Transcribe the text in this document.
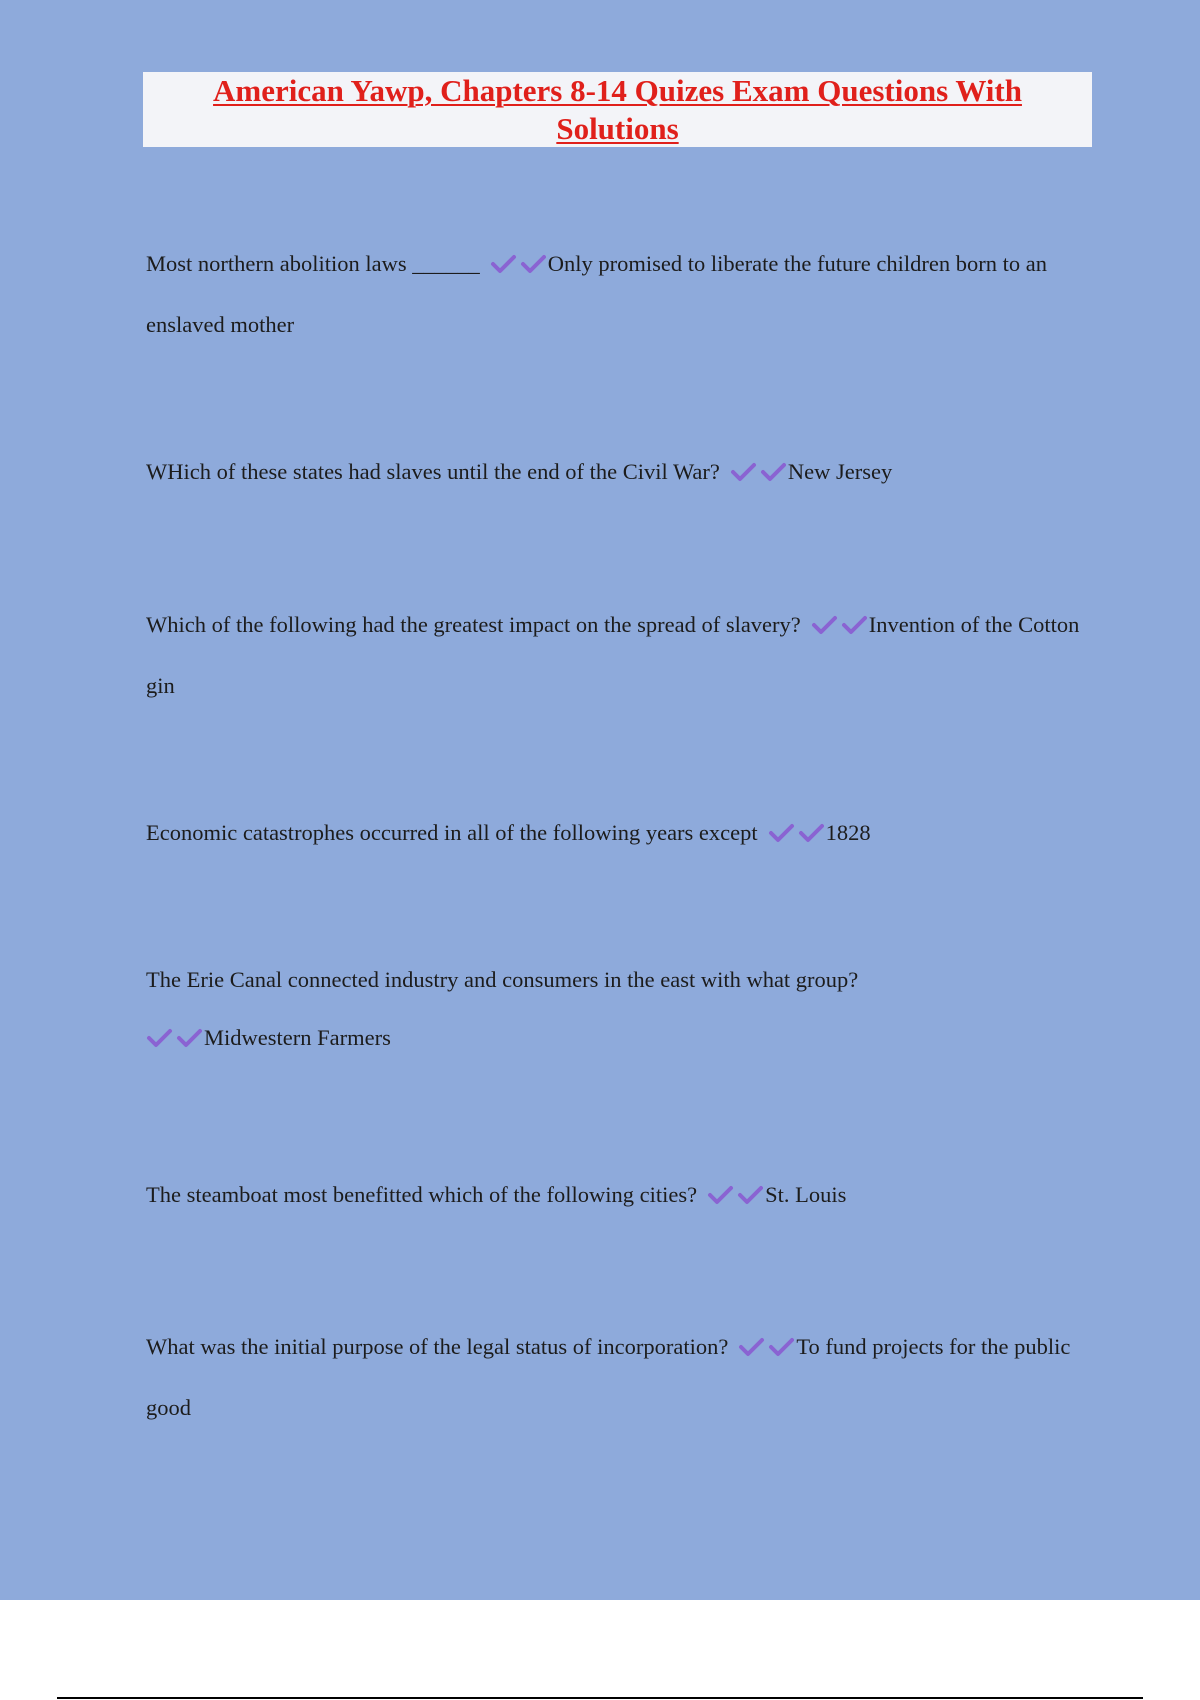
American Yawp, Chapters 8-14 Quizes Exam Questions With Solutions

Most northern abolition laws ______	Only promised to liberate the future children born to an enslaved mother

WHich of these states had slaves until the end of the Civil War?	New Jersey

Which of the following had the greatest impact on the spread of slavery?	Invention of the Cotton gin

Economic catastrophes occurred in all of the following years except	1828

The Erie Canal connected industry and consumers in the east with what group?

Midwestern Farmers

The steamboat most benefitted which of the following cities?	St. Louis

What was the initial purpose of the legal status of incorporation?	To fund projects for the public good
